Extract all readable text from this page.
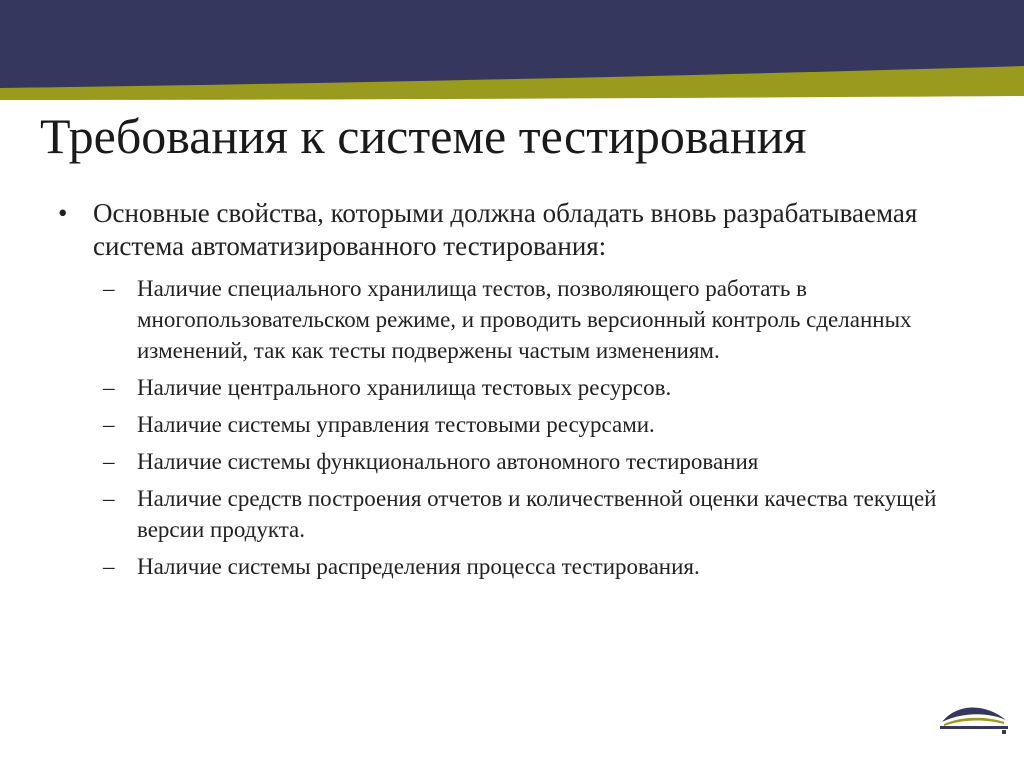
Требования к системе тестирования
• Основные свойства, которыми должна обладать вновь разрабатываемая система автоматизированного тестирования:
– Наличие специального хранилища тестов, позволяющего работать в многопользовательском режиме, и проводить версионный контроль сделанных изменений, так как тесты подвержены частым изменениям.
– Наличие центрального хранилища тестовых ресурсов.
– Наличие системы управления тестовыми ресурсами.
– Наличие системы функционального автономного тестирования
– Наличие средств построения отчетов и количественной оценки качества текущей версии продукта.
– Наличие системы распределения процесса тестирования.
